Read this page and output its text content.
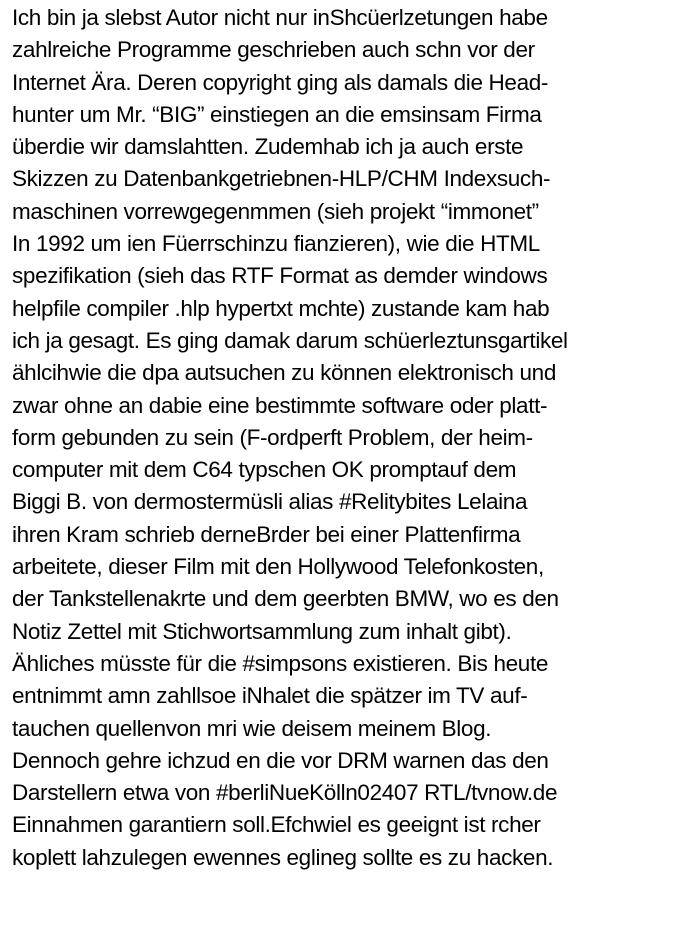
Ich bin ja slebst Autor nicht nur inShcüerlzetungen habe
zahlreiche Programme geschrieben auch schn vor der
Internet Ära. Deren copyright ging als damals die Head-
hunter um Mr. “BIG” einstiegen an die emsinsam Firma
überdie wir damslahtten. Zudemhab ich ja auch erste
Skizzen zu Datenbankgetriebnen-HLP/CHM Indexsuch-
maschinen vorrewgegenmmen (sieh projekt “immonet”
In 1992 um ien Füerrschinzu fianzieren), wie die HTML
spezifikation (sieh das RTF Format as demder windows
helpfile compiler .hlp hypertxt mchte) zustande kam hab
ich ja gesagt. Es ging damak darum schüerleztunsgartikel
ählcihwie die dpa autsuchen zu können elektronisch und
zwar ohne an dabie eine bestimmte software oder platt-
form gebunden zu sein (F-ordperft Problem, der heim-
computer mit dem C64 typschen OK promptauf dem
Biggi B. von dermostermüsli alias #Relitybites Lelaina
ihren Kram schrieb derneBrder bei einer Plattenfirma
arbeitete, dieser Film mit den Hollywood Telefonkosten,
der Tankstellenakrte und dem geerbten BMW, wo es den
Notiz Zettel mit Stichwortsammlung zum inhalt gibt).
Ähliches müsste für die #simpsons existieren. Bis heute
entnimmt amn zahllsoe iNhalet die spätzer im TV auf-
tauchen quellenvon mri wie deisem meinem Blog.
Dennoch gehre ichzud en die vor DRM warnen das den
Darstellern etwa von #berliNueKölln02407 RTL/tvnow.de
Einnahmen garantiern soll.Efchwiel es geeignt ist rcher
koplett lahzulegen ewennes eglineg sollte es zu hacken.
